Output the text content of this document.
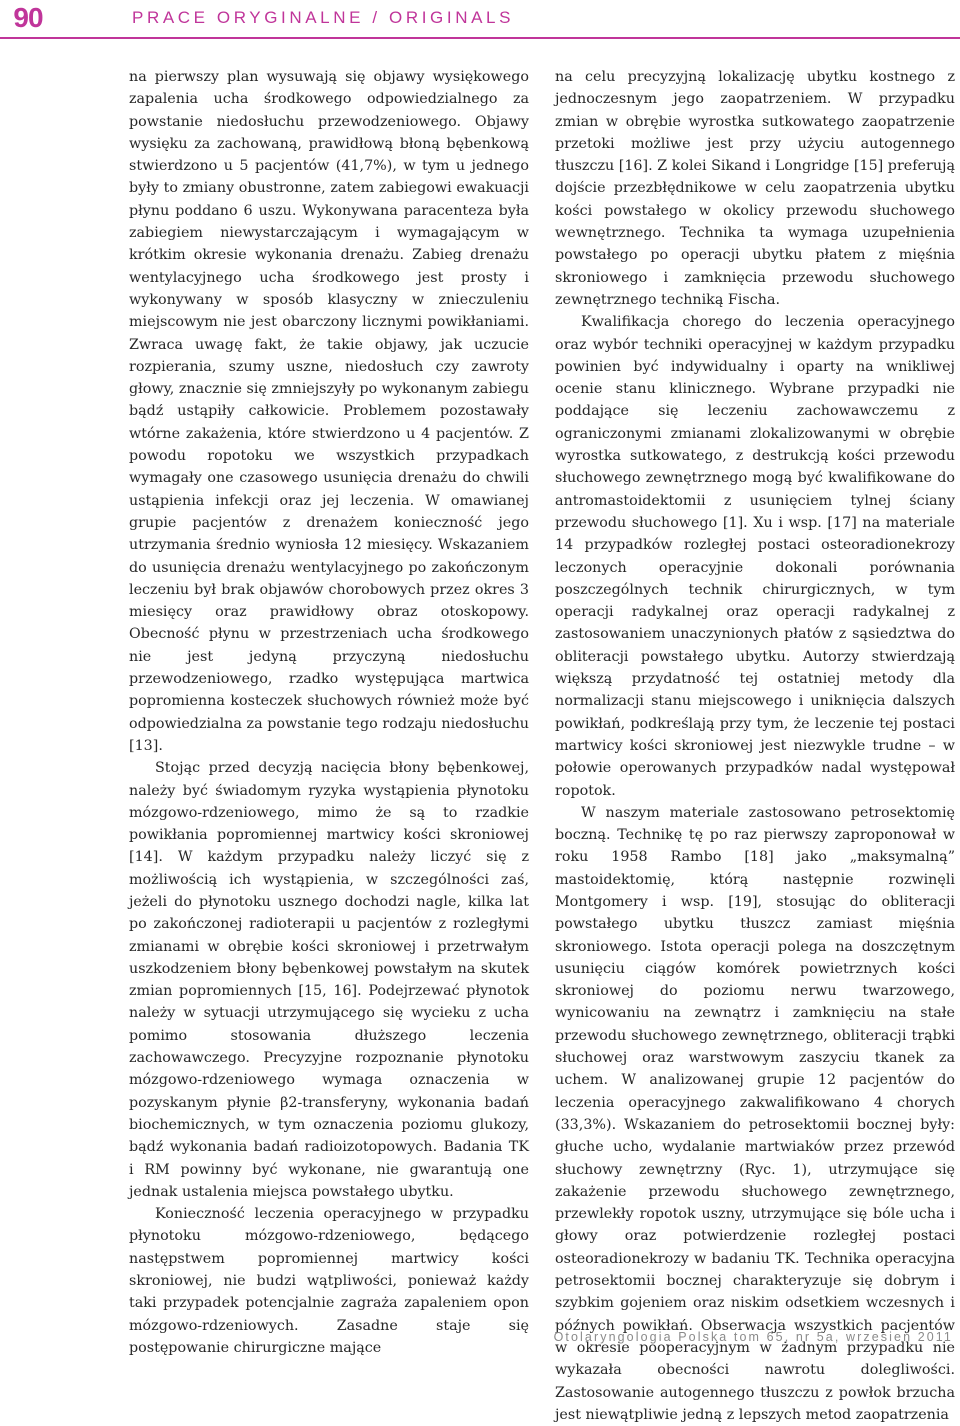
90	PRACE ORYGINALNE / ORIGINALS

na pierwszy plan wysuwają się objawy wysiękowego zapalenia ucha środkowego odpowiedzialnego za powstanie niedosłuchu przewodzeniowego. Objawy wysięku za zachowaną, prawidłową błoną bębenkową stwierdzono u 5 pacjentów (41,7%), w tym u jednego były to zmiany obustronne, zatem zabiegowi ewakuacji płynu poddano 6 uszu. Wykonywana paracenteza była zabiegiem niewystarczającym i wymagającym w krótkim okresie wykonania drenażu. Zabieg drenażu wentylacyjnego ucha środkowego jest prosty i wykonywany w sposób klasyczny w znieczuleniu miejscowym nie jest obarczony licznymi powikłaniami. Zwraca uwagę fakt, że takie objawy, jak uczucie rozpierania, szumy uszne, niedosłuch czy zawroty głowy, znacznie się zmniejszyły po wykonanym zabiegu bądź ustąpiły całkowicie. Problemem pozostawały wtórne zakażenia, które stwierdzono u 4 pacjentów. Z powodu ropotoku we wszystkich przypadkach wymagały one czasowego usunięcia drenażu do chwili ustąpienia infekcji oraz jej leczenia. W omawianej grupie pacjentów z drenażem konieczność jego utrzymania średnio wyniosła 12 miesięcy. Wskazaniem do usunięcia drenażu wentylacyjnego po zakończonym leczeniu był brak objawów chorobowych przez okres 3 miesięcy oraz prawidłowy obraz otoskopowy. Obecność płynu w przestrzeniach ucha środkowego nie jest jedyną przyczyną niedosłuchu przewodzeniowego, rzadko występująca martwica popromienna kosteczek słuchowych również może być odpowiedzialna za powstanie tego rodzaju niedosłuchu [13].

Stojąc przed decyzją nacięcia błony bębenkowej, należy być świadomym ryzyka wystąpienia płynotoku mózgowo-rdzeniowego, mimo że są to rzadkie powikłania popromiennej martwicy kości skroniowej [14]. W każdym przypadku należy liczyć się z możliwością ich wystąpienia, w szczególności zaś, jeżeli do płynotoku usznego dochodzi nagle, kilka lat po zakończonej radioterapii u pacjentów z rozległymi zmianami w obrębie kości skroniowej i przetrwałym uszkodzeniem błony bębenkowej powstałym na skutek zmian popromiennych [15, 16]. Podejrzewać płynotok należy w sytuacji utrzymującego się wycieku z ucha pomimo stosowania dłuższego leczenia zachowawczego. Precyzyjne rozpoznanie płynotoku mózgowo-rdzeniowego wymaga oznaczenia w pozyskanym płynie β2-transferyny, wykonania badań biochemicznych, w tym oznaczenia poziomu glukozy, bądź wykonania badań radioizotopowych. Badania TK i RM powinny być wykonane, nie gwarantują one jednak ustalenia miejsca powstałego ubytku.

Konieczność leczenia operacyjnego w przypadku płynotoku mózgowo-rdzeniowego, będącego następstwem popromiennej martwicy kości skroniowej, nie budzi wątpliwości, ponieważ każdy taki przypadek potencjalnie zagraża zapaleniem opon mózgowo-rdzeniowych. Zasadne staje się postępowanie chirurgiczne mające

na celu precyzyjną lokalizację ubytku kostnego z jednoczesnym jego zaopatrzeniem. W przypadku zmian w obrębie wyrostka sutkowatego zaopatrzenie przetoki możliwe jest przy użyciu autogennego tłuszczu [16]. Z kolei Sikand i Longridge [15] preferują dojście przezbłędnikowe w celu zaopatrzenia ubytku kości powstałego w okolicy przewodu słuchowego wewnętrznego. Technika ta wymaga uzupełnienia powstałego po operacji ubytku płatem z mięśnia skroniowego i zamknięcia przewodu słuchowego zewnętrznego techniką Fischa.

Kwalifikacja chorego do leczenia operacyjnego oraz wybór techniki operacyjnej w każdym przypadku powinien być indywidualny i oparty na wnikliwej ocenie stanu klinicznego. Wybrane przypadki nie poddające się leczeniu zachowawczemu z ograniczonymi zmianami zlokalizowanymi w obrębie wyrostka sutkowatego, z destrukcją kości przewodu słuchowego zewnętrznego mogą być kwalifikowane do antromastoidektomii z usunięciem tylnej ściany przewodu słuchowego [1]. Xu i wsp. [17] na materiale 14 przypadków rozległej postaci osteoradionekrozy leczonych operacyjnie dokonali porównania poszczególnych technik chirurgicznych, w tym operacji radykalnej oraz operacji radykalnej z zastosowaniem unaczynionych płatów z sąsiedztwa do obliteracji powstałego ubytku. Autorzy stwierdzają większą przydatność tej ostatniej metody dla normalizacji stanu miejscowego i uniknięcia dalszych powikłań, podkreślają przy tym, że leczenie tej postaci martwicy kości skroniowej jest niezwykle trudne – w połowie operowanych przypadków nadal występował ropotok.

W naszym materiale zastosowano petrosektomię boczną. Technikę tę po raz pierwszy zaproponował w roku 1958 Rambo [18] jako „maksymalną” mastoidektomię, którą następnie rozwinęli Montgomery i wsp. [19], stosując do obliteracji powstałego ubytku tłuszcz zamiast mięśnia skroniowego. Istota operacji polega na doszczętnym usunięciu ciągów komórek powietrznych kości skroniowej do poziomu nerwu twarzowego, wynicowaniu na zewnątrz i zamknięciu na stałe przewodu słuchowego zewnętrznego, obliteracji trąbki słuchowej oraz warstwowym zaszyciu tkanek za uchem. W analizowanej grupie 12 pacjentów do leczenia operacyjnego zakwalifikowano 4 chorych (33,3%). Wskazaniem do petrosektomii bocznej były: głuche ucho, wydalanie martwiaków przez przewód słuchowy zewnętrzny (Ryc. 1), utrzymujące się zakażenie przewodu słuchowego zewnętrznego, przewlekły ropotok uszny, utrzymujące się bóle ucha i głowy oraz potwierdzenie rozległej postaci osteoradionekrozy w badaniu TK. Technika operacyjna petrosektomii bocznej charakteryzuje się dobrym i szybkim gojeniem oraz niskim odsetkiem wczesnych i późnych powikłań. Obserwacja wszystkich pacjentów w okresie pooperacyjnym w żadnym przypadku nie wykazała obecności nawrotu dolegliwości. Zastosowanie autogennego tłuszczu z powłok brzucha jest niewątpliwie jedną z lepszych metod zaopatrzenia

Otolaryngologia Polska tom 65, nr 5a, wrzesień 2011
